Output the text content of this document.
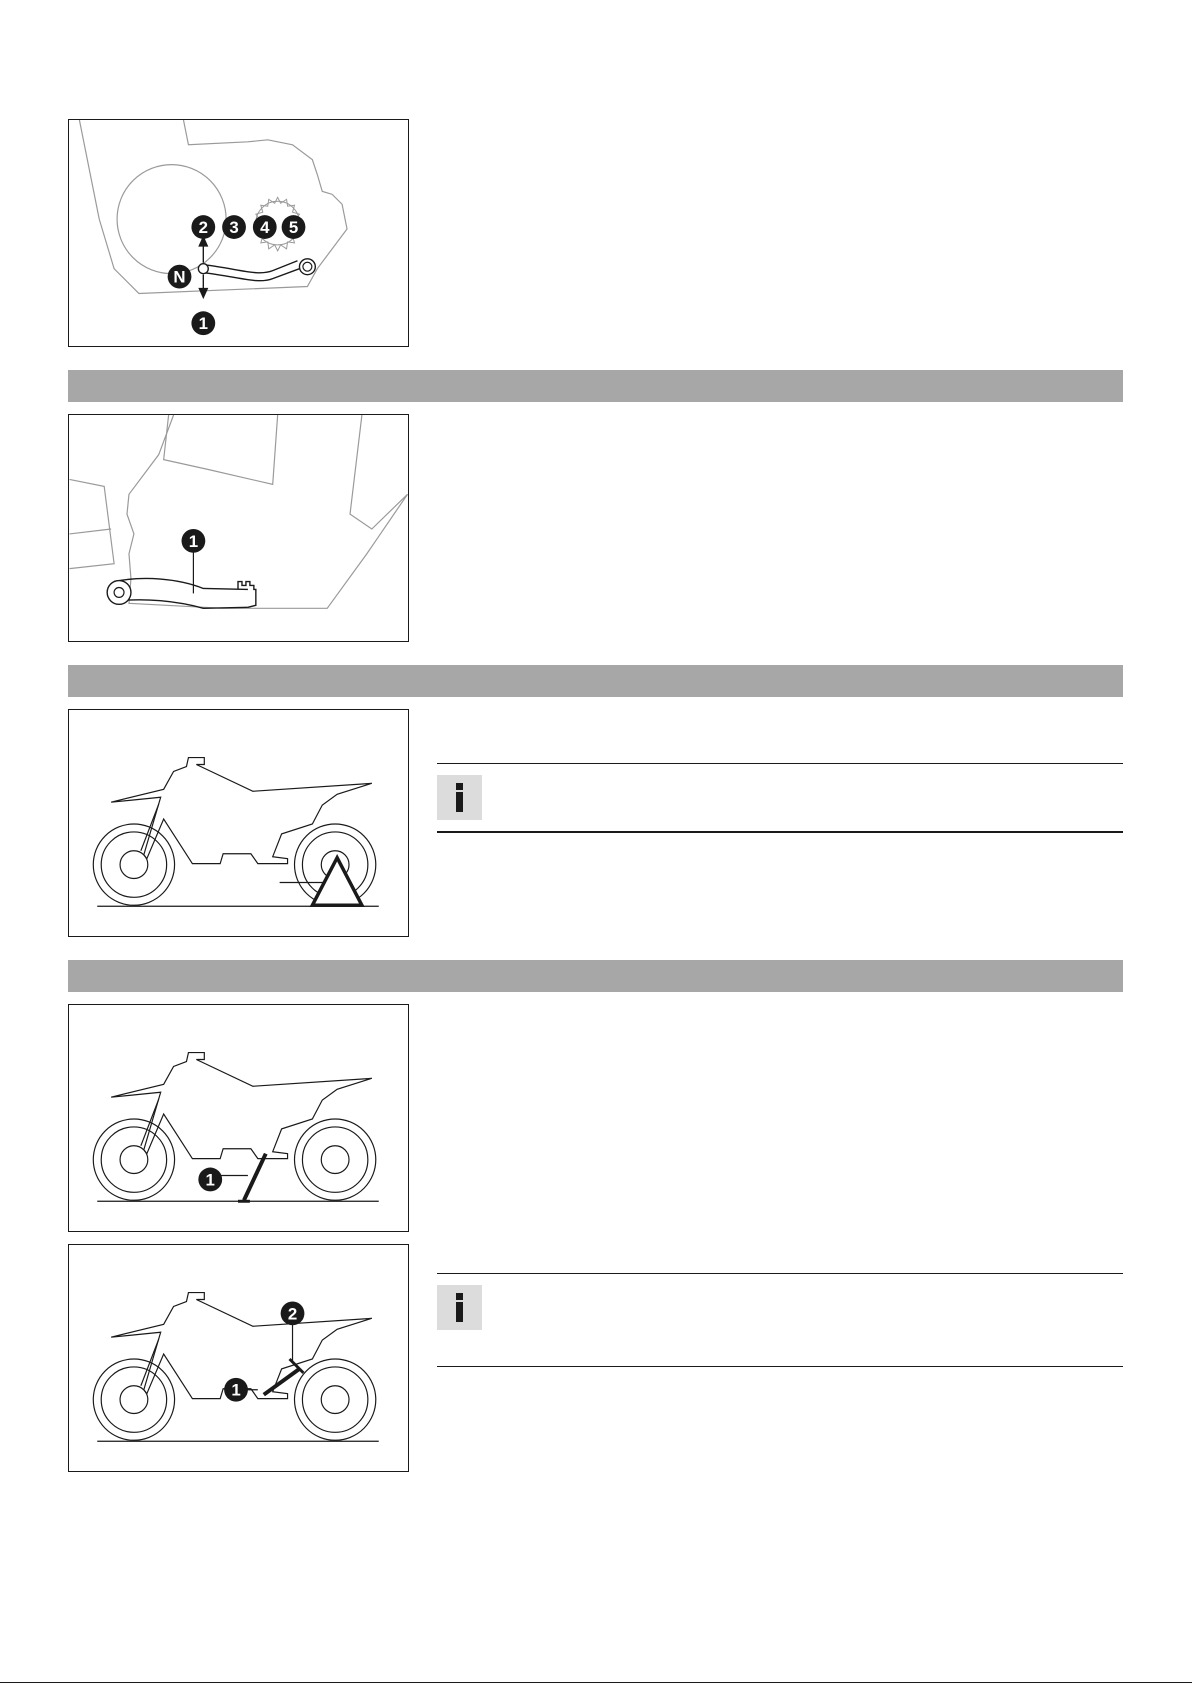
N
1
2 3 4 5
1
1
1
2
